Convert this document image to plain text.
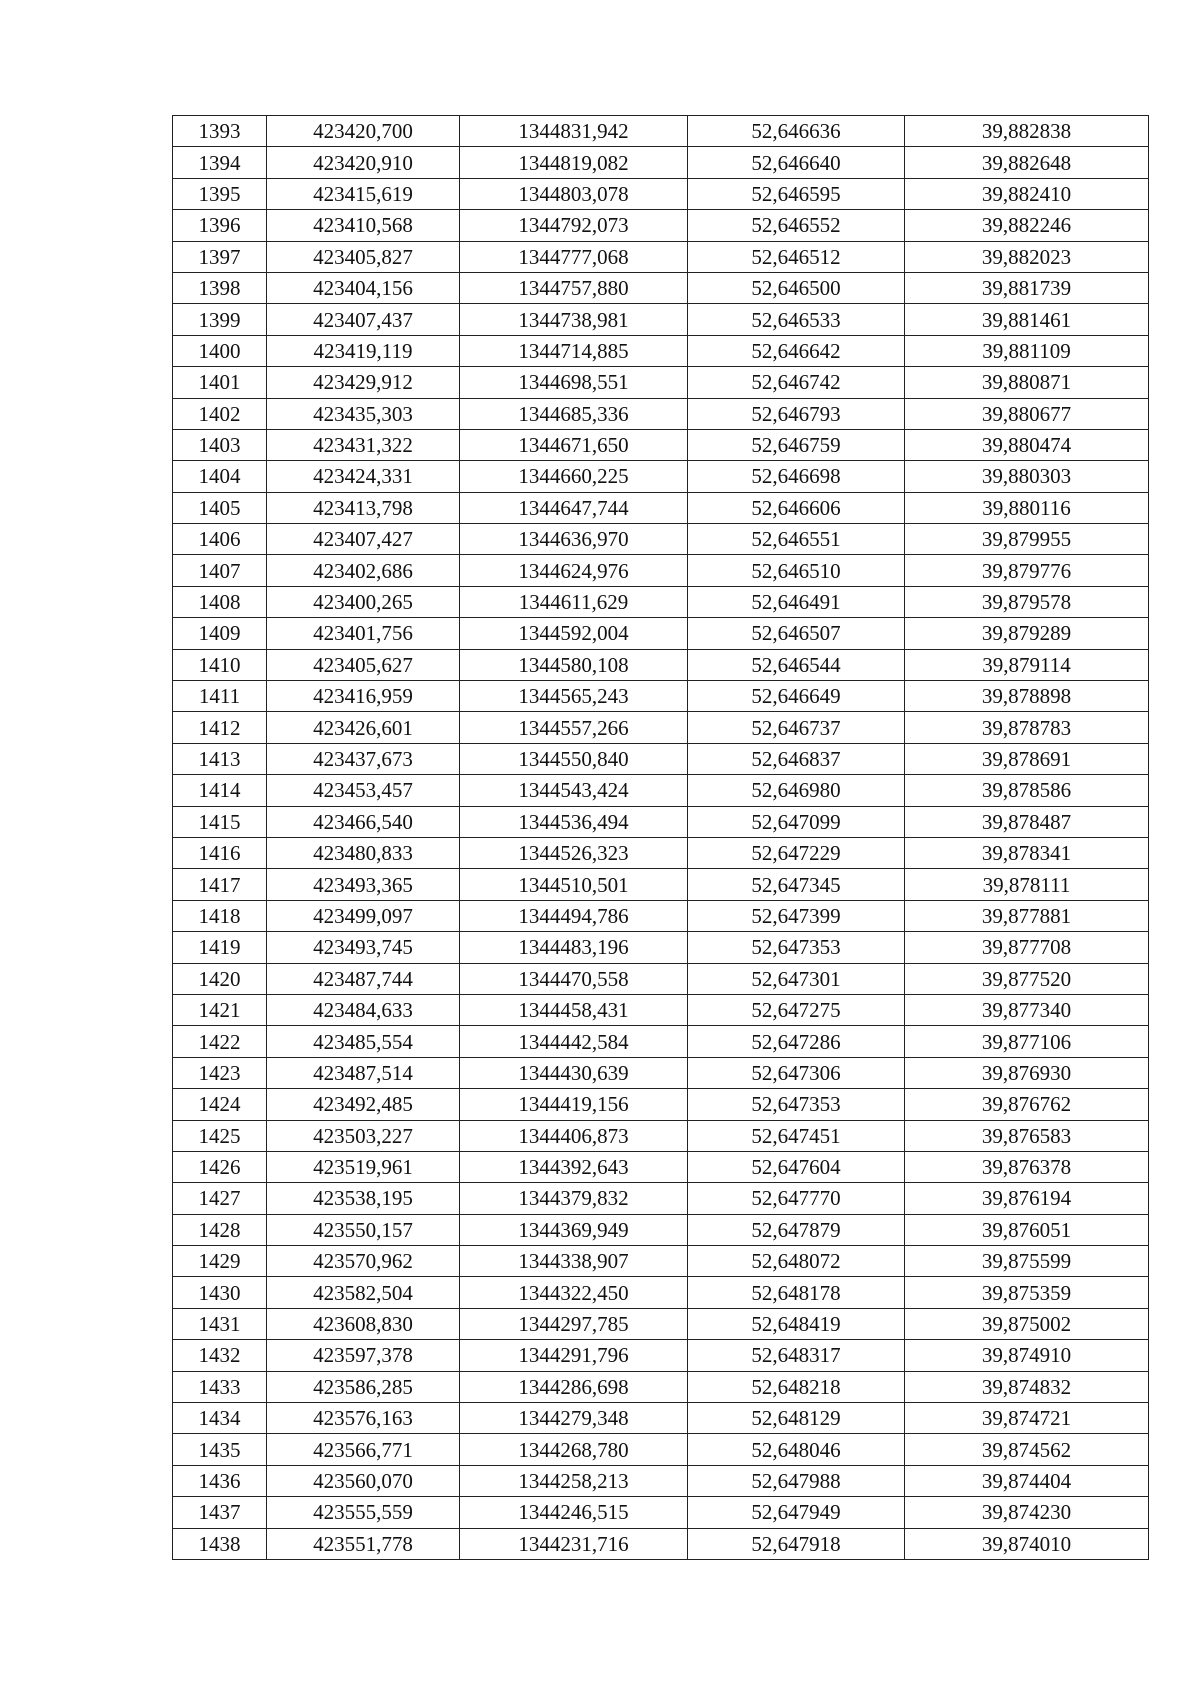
1393	423420,700	1344831,942	52,646636	39,882838
1394	423420,910	1344819,082	52,646640	39,882648
1395	423415,619	1344803,078	52,646595	39,882410
1396	423410,568	1344792,073	52,646552	39,882246
1397	423405,827	1344777,068	52,646512	39,882023
1398	423404,156	1344757,880	52,646500	39,881739
1399	423407,437	1344738,981	52,646533	39,881461
1400	423419,119	1344714,885	52,646642	39,881109
1401	423429,912	1344698,551	52,646742	39,880871
1402	423435,303	1344685,336	52,646793	39,880677
1403	423431,322	1344671,650	52,646759	39,880474
1404	423424,331	1344660,225	52,646698	39,880303
1405	423413,798	1344647,744	52,646606	39,880116
1406	423407,427	1344636,970	52,646551	39,879955
1407	423402,686	1344624,976	52,646510	39,879776
1408	423400,265	1344611,629	52,646491	39,879578
1409	423401,756	1344592,004	52,646507	39,879289
1410	423405,627	1344580,108	52,646544	39,879114
1411	423416,959	1344565,243	52,646649	39,878898
1412	423426,601	1344557,266	52,646737	39,878783
1413	423437,673	1344550,840	52,646837	39,878691
1414	423453,457	1344543,424	52,646980	39,878586
1415	423466,540	1344536,494	52,647099	39,878487
1416	423480,833	1344526,323	52,647229	39,878341
1417	423493,365	1344510,501	52,647345	39,878111
1418	423499,097	1344494,786	52,647399	39,877881
1419	423493,745	1344483,196	52,647353	39,877708
1420	423487,744	1344470,558	52,647301	39,877520
1421	423484,633	1344458,431	52,647275	39,877340
1422	423485,554	1344442,584	52,647286	39,877106
1423	423487,514	1344430,639	52,647306	39,876930
1424	423492,485	1344419,156	52,647353	39,876762
1425	423503,227	1344406,873	52,647451	39,876583
1426	423519,961	1344392,643	52,647604	39,876378
1427	423538,195	1344379,832	52,647770	39,876194
1428	423550,157	1344369,949	52,647879	39,876051
1429	423570,962	1344338,907	52,648072	39,875599
1430	423582,504	1344322,450	52,648178	39,875359
1431	423608,830	1344297,785	52,648419	39,875002
1432	423597,378	1344291,796	52,648317	39,874910
1433	423586,285	1344286,698	52,648218	39,874832
1434	423576,163	1344279,348	52,648129	39,874721
1435	423566,771	1344268,780	52,648046	39,874562
1436	423560,070	1344258,213	52,647988	39,874404
1437	423555,559	1344246,515	52,647949	39,874230
1438	423551,778	1344231,716	52,647918	39,874010
